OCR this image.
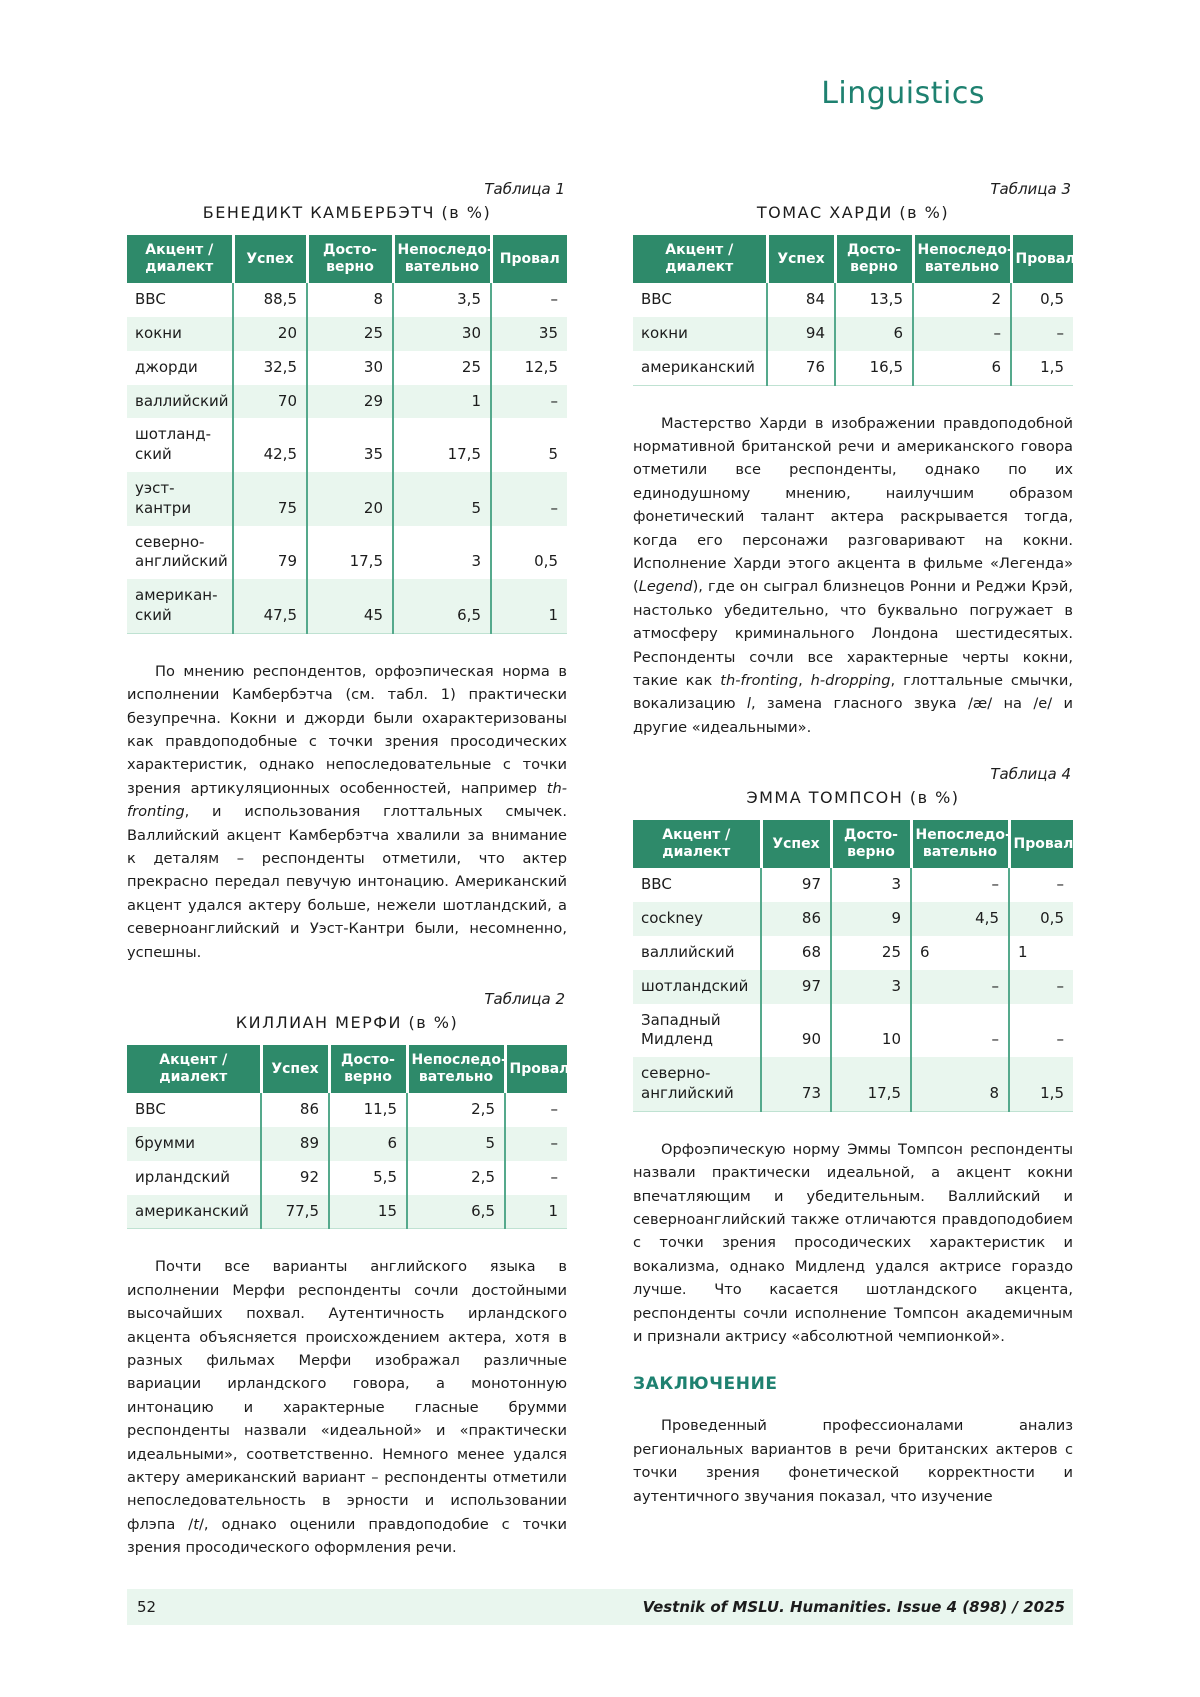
Linguistics
Таблица 1
БЕНЕДИКТ КАМБЕРБЭТЧ (в %)
Акцент / диалект	Успех	Досто-верно	Непоследо-вательно	Провал
BBC	88,5	8	3,5	–
кокни	20	25	30	35
джорди	32,5	30	25	12,5
валлийский	70	29	1	–
шотланд-ский	42,5	35	17,5	5
уэст-кантри	75	20	5	–
северно-английский	79	17,5	3	0,5
американ-ский	47,5	45	6,5	1

По мнению респондентов, орфоэпическая норма в исполнении Камбербэтча (см. табл. 1) практически безупречна. Кокни и джорди были охарактеризованы как правдоподобные с точки зрения просодических характеристик, однако непоследовательные с точки зрения артикуляционных особенностей, например th-fronting, и использования глоттальных смычек. Валлийский акцент Камбербэтча хвалили за внимание к деталям – респонденты отметили, что актер прекрасно передал певучую интонацию. Американский акцент удался актеру больше, нежели шотландский, а северноанглийский и Уэст-Кантри были, несомненно, успешны.

Таблица 2
КИЛЛИАН МЕРФИ (в %)
Акцент / диалект	Успех	Досто-верно	Непоследо-вательно	Провал
BBC	86	11,5	2,5	–
брумми	89	6	5	–
ирландский	92	5,5	2,5	–
американский	77,5	15	6,5	1

Почти все варианты английского языка в исполнении Мерфи респонденты сочли достойными высочайших похвал. Аутентичность ирландского акцента объясняется происхождением актера, хотя в разных фильмах Мерфи изображал различные вариации ирландского говора, а монотонную интонацию и характерные гласные брумми респонденты назвали «идеальной» и «практически идеальными», соответственно. Немного менее удался актеру американский вариант – респонденты отметили непоследовательность в эрности и использовании флэпа /t/, однако оценили правдоподобие с точки зрения просодического оформления речи.

Таблица 3
ТОМАС ХАРДИ (в %)
Акцент / диалект	Успех	Досто-верно	Непоследо-вательно	Провал
BBC	84	13,5	2	0,5
кокни	94	6	–	–
американский	76	16,5	6	1,5

Мастерство Харди в изображении правдоподобной нормативной британской речи и американского говора отметили все респонденты, однако по их единодушному мнению, наилучшим образом фонетический талант актера раскрывается тогда, когда его персонажи разговаривают на кокни. Исполнение Харди этого акцента в фильме «Легенда» (Legend), где он сыграл близнецов Ронни и Реджи Крэй, настолько убедительно, что буквально погружает в атмосферу криминального Лондона шестидесятых. Респонденты сочли все характерные черты кокни, такие как th-fronting, h-dropping, глоттальные смычки, вокализацию l, замена гласного звука /æ/ на /е/ и другие «идеальными».

Таблица 4
ЭММА ТОМПСОН (в %)
Акцент / диалект	Успех	Досто-верно	Непоследо-вательно	Провал
BBC	97	3	–	–
cockney	86	9	4,5	0,5
валлийский	68	25	6	1
шотландский	97	3	–	–
Западный Мидленд	90	10	–	–
северно-английский	73	17,5	8	1,5

Орфоэпическую норму Эммы Томпсон респонденты назвали практически идеальной, а акцент кокни впечатляющим и убедительным. Валлийский и северноанглийский также отличаются правдоподобием с точки зрения просодических характеристик и вокализма, однако Мидленд удался актрисе гораздо лучше. Что касается шотландского акцента, респонденты сочли исполнение Томпсон академичным и признали актрису «абсолютной чемпионкой».

ЗАКЛЮЧЕНИЕ

Проведенный профессионалами анализ региональных вариантов в речи британских актеров с точки зрения фонетической корректности и аутентичного звучания показал, что изучение

52	Vestnik of MSLU. Humanities. Issue 4 (898) / 2025
